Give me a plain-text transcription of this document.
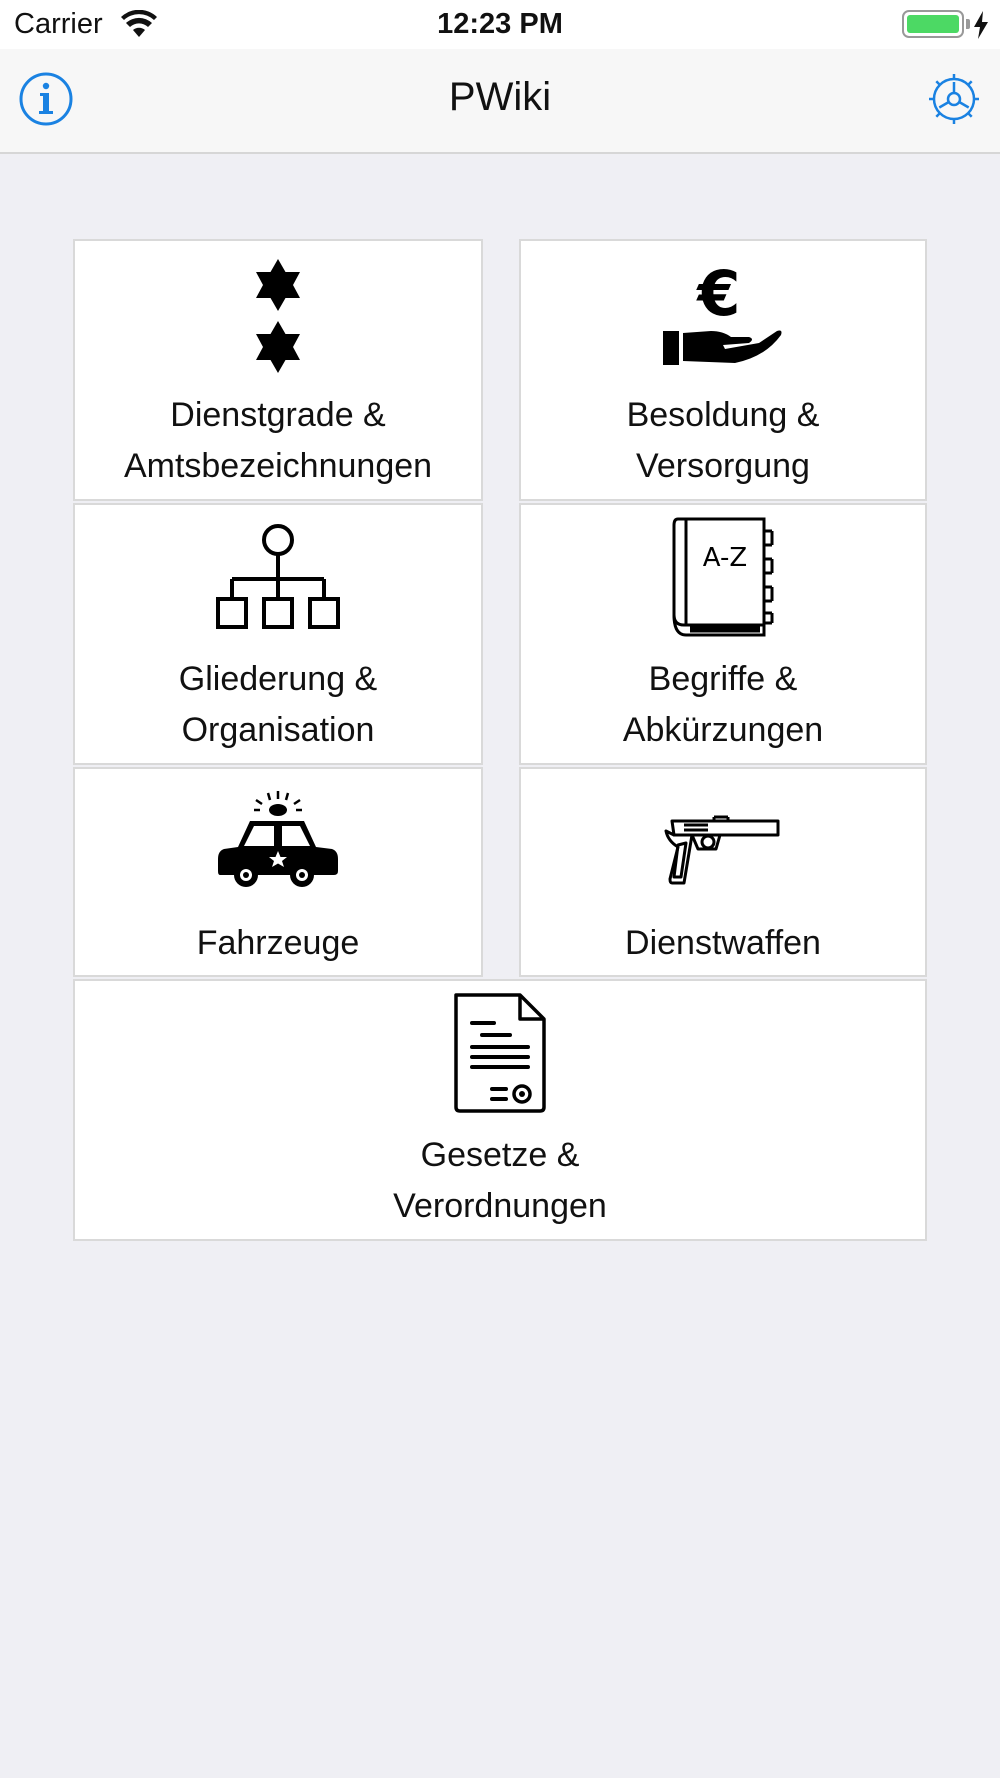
Carrier	12:23 PM
PWiki
Dienstgrade &
Amtsbezeichnungen
€
Besoldung &
Versorgung
Gliederung &
Organisation
A-Z
Begriffe &
Abkürzungen
Fahrzeuge	Dienstwaffen
Gesetze &
Verordnungen
